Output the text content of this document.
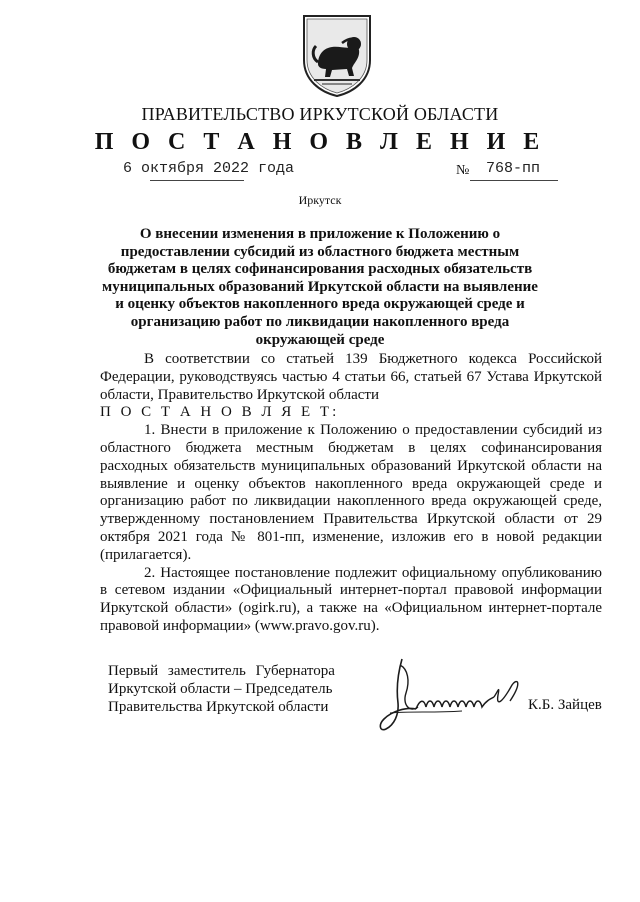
ПРАВИТЕЛЬСТВО ИРКУТСКОЙ ОБЛАСТИ
П О С Т А Н О В Л Е Н И Е
6 октября 2022 года	№ 768-пп
Иркутск
О внесении изменения в приложение к Положению о предоставлении субсидий из областного бюджета местным бюджетам в целях софинансирования расходных обязательств муниципальных образований Иркутской области на выявление и оценку объектов накопленного вреда окружающей среде и организацию работ по ликвидации накопленного вреда окружающей среде

В соответствии со статьей 139 Бюджетного кодекса Российской Федерации, руководствуясь частью 4 статьи 66, статьей 67 Устава Иркутской области, Правительство Иркутской области

П О С Т А Н О В Л Я Е Т:

1. Внести в приложение к Положению о предоставлении субсидий из областного бюджета местным бюджетам в целях софинансирования расходных обязательств муниципальных образований Иркутской области на выявление и оценку объектов накопленного вреда окружающей среде и организацию работ по ликвидации накопленного вреда окружающей среде, утвержденному постановлением Правительства Иркутской области от 29 октября 2021 года № 801-пп, изменение, изложив его в новой редакции (прилагается).

2. Настоящее постановление подлежит официальному опубликованию в сетевом издании «Официальный интернет-портал правовой информации Иркутской области» (ogirk.ru), а также на «Официальном интернет-портале правовой информации» (www.pravo.gov.ru).

Первый заместитель Губернатора
Иркутской области – Председатель
Правительства Иркутской области	К.Б. Зайцев
